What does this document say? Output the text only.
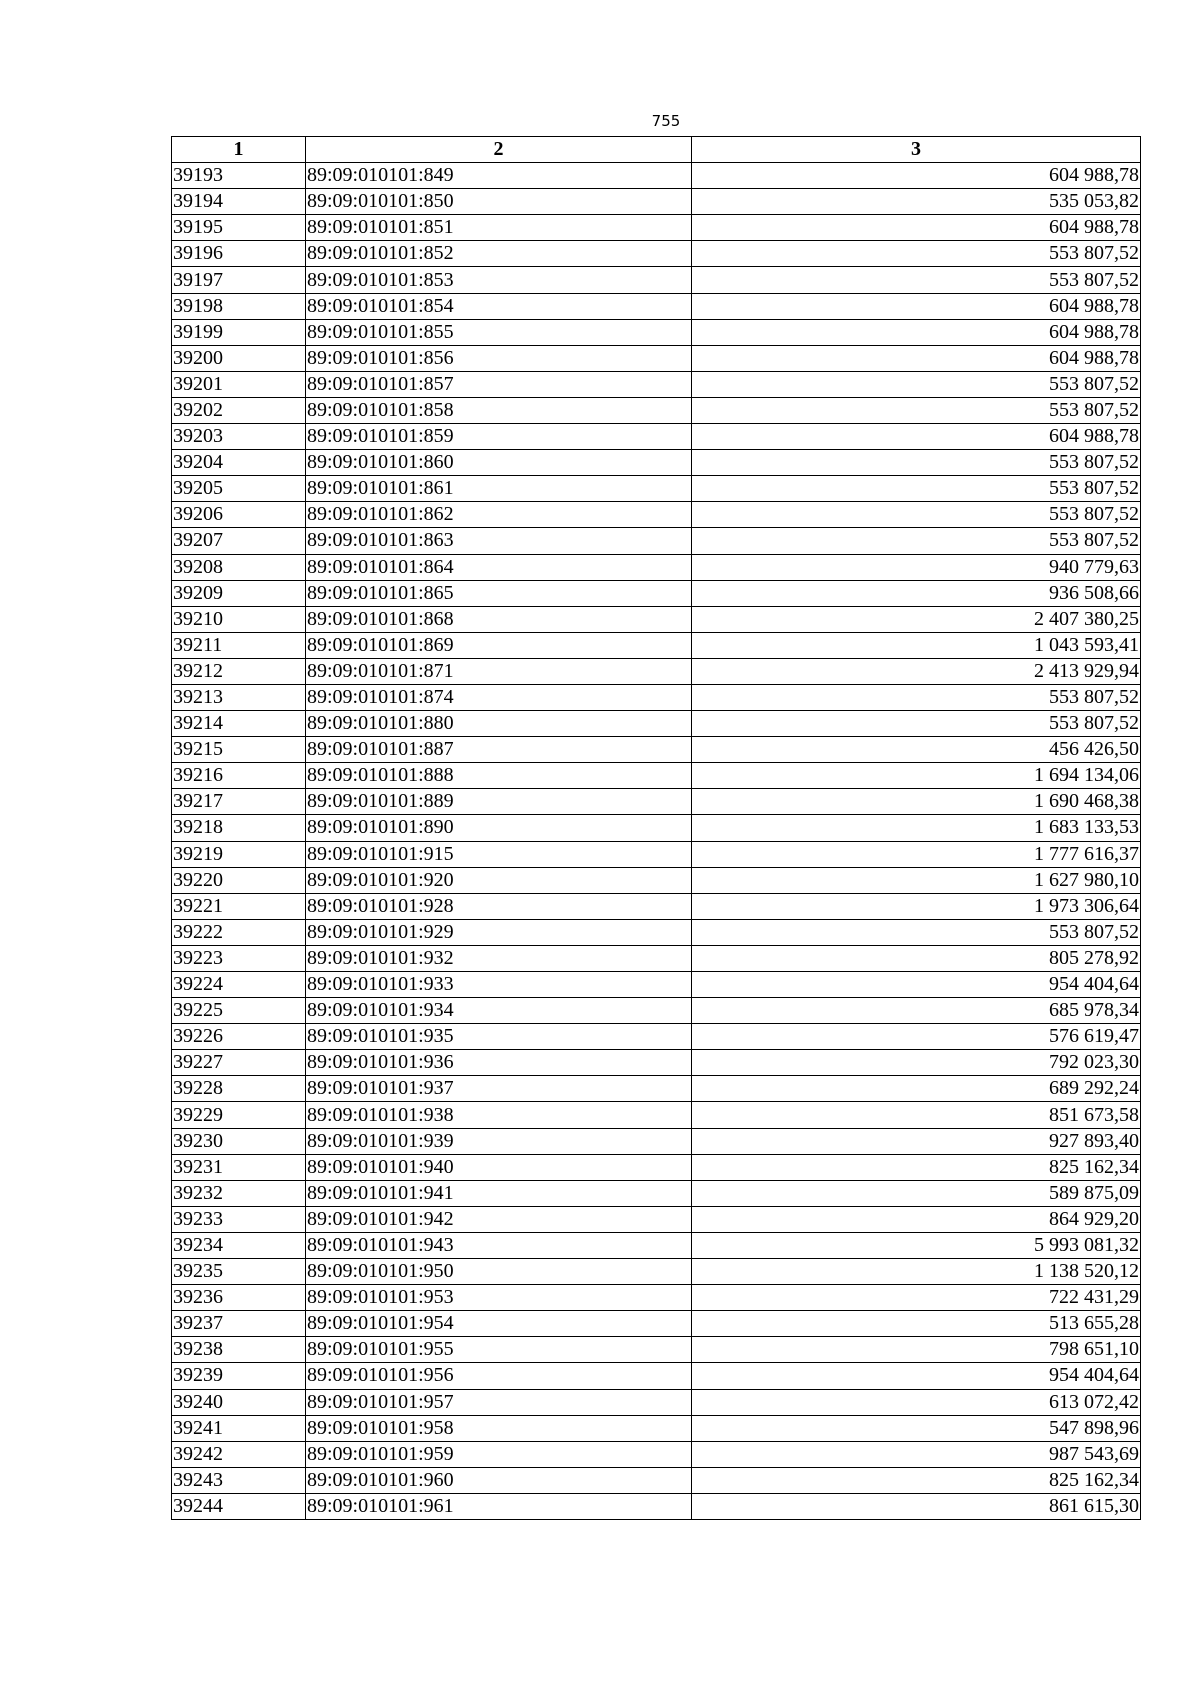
755
1	2	3
39193	89:09:010101:849	604 988,78
39194	89:09:010101:850	535 053,82
39195	89:09:010101:851	604 988,78
39196	89:09:010101:852	553 807,52
39197	89:09:010101:853	553 807,52
39198	89:09:010101:854	604 988,78
39199	89:09:010101:855	604 988,78
39200	89:09:010101:856	604 988,78
39201	89:09:010101:857	553 807,52
39202	89:09:010101:858	553 807,52
39203	89:09:010101:859	604 988,78
39204	89:09:010101:860	553 807,52
39205	89:09:010101:861	553 807,52
39206	89:09:010101:862	553 807,52
39207	89:09:010101:863	553 807,52
39208	89:09:010101:864	940 779,63
39209	89:09:010101:865	936 508,66
39210	89:09:010101:868	2 407 380,25
39211	89:09:010101:869	1 043 593,41
39212	89:09:010101:871	2 413 929,94
39213	89:09:010101:874	553 807,52
39214	89:09:010101:880	553 807,52
39215	89:09:010101:887	456 426,50
39216	89:09:010101:888	1 694 134,06
39217	89:09:010101:889	1 690 468,38
39218	89:09:010101:890	1 683 133,53
39219	89:09:010101:915	1 777 616,37
39220	89:09:010101:920	1 627 980,10
39221	89:09:010101:928	1 973 306,64
39222	89:09:010101:929	553 807,52
39223	89:09:010101:932	805 278,92
39224	89:09:010101:933	954 404,64
39225	89:09:010101:934	685 978,34
39226	89:09:010101:935	576 619,47
39227	89:09:010101:936	792 023,30
39228	89:09:010101:937	689 292,24
39229	89:09:010101:938	851 673,58
39230	89:09:010101:939	927 893,40
39231	89:09:010101:940	825 162,34
39232	89:09:010101:941	589 875,09
39233	89:09:010101:942	864 929,20
39234	89:09:010101:943	5 993 081,32
39235	89:09:010101:950	1 138 520,12
39236	89:09:010101:953	722 431,29
39237	89:09:010101:954	513 655,28
39238	89:09:010101:955	798 651,10
39239	89:09:010101:956	954 404,64
39240	89:09:010101:957	613 072,42
39241	89:09:010101:958	547 898,96
39242	89:09:010101:959	987 543,69
39243	89:09:010101:960	825 162,34
39244	89:09:010101:961	861 615,30
